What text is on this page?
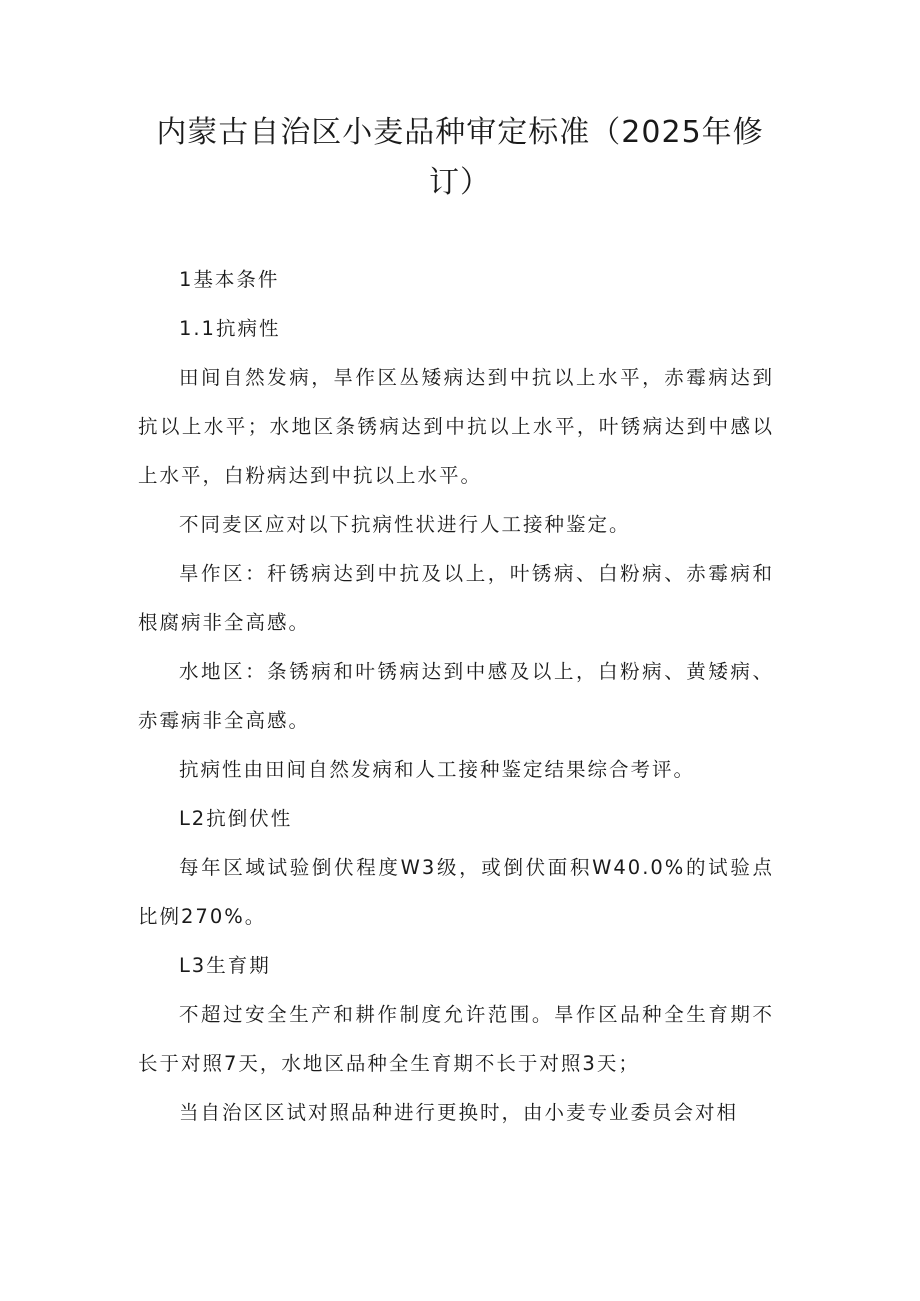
内蒙古自治区小麦品种审定标准（2025年修订）

1基本条件

1.1抗病性

田间自然发病，旱作区丛矮病达到中抗以上水平，赤霉病达到抗以上水平；水地区条锈病达到中抗以上水平，叶锈病达到中感以上水平，白粉病达到中抗以上水平。

不同麦区应对以下抗病性状进行人工接种鉴定。

旱作区：秆锈病达到中抗及以上，叶锈病、白粉病、赤霉病和根腐病非全高感。

水地区：条锈病和叶锈病达到中感及以上，白粉病、黄矮病、赤霉病非全高感。

抗病性由田间自然发病和人工接种鉴定结果综合考评。

L2抗倒伏性

每年区域试验倒伏程度W3级，或倒伏面积W40.0%的试验点比例270%。

L3生育期

不超过安全生产和耕作制度允许范围。旱作区品种全生育期不长于对照7天，水地区品种全生育期不长于对照3天；

当自治区区试对照品种进行更换时，由小麦专业委员会对相
